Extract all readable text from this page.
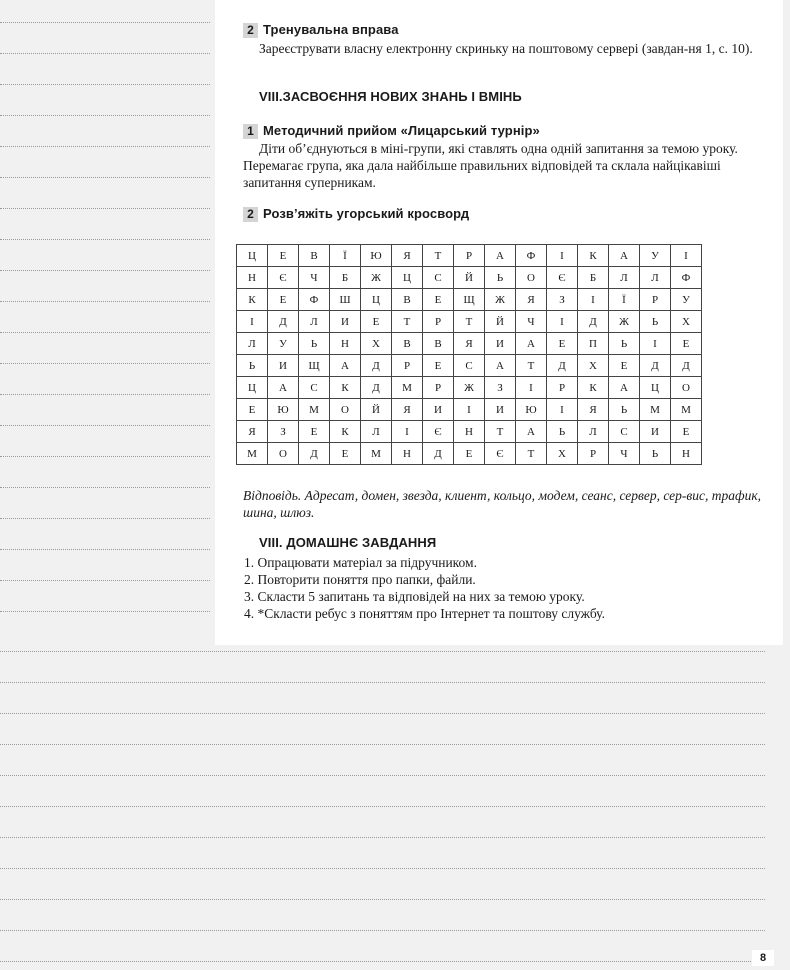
2 Тренувальна вправа
Зареєструвати власну електронну скриньку на поштовому сервері (завдан-ня 1, с. 10).
VIII.ЗАСВОЄННЯ НОВИХ ЗНАНЬ І ВМІНЬ
1 Методичний прийом «Лицарський турнір»
Діти об’єднуються в міні-групи, які ставлять одна одній запитання за темою уроку. Перемагає група, яка дала найбільше правильних відповідей та склала найцікавіші запитання суперникам.
2 Розв’яжіть угорський кросворд
Ц	Е	В	Ї	Ю	Я	Т	Р	А	Ф	І	К	А	У	І
Н	Є	Ч	Б	Ж	Ц	С	Й	Ь	О	Є	Б	Л	Л	Ф
К	Е	Ф	Ш	Ц	В	Е	Щ	Ж	Я	З	І	Ї	Р	У
І	Д	Л	И	Е	Т	Р	Т	Й	Ч	І	Д	Ж	Ь	Х
Л	У	Ь	Н	Х	В	В	Я	И	А	Е	П	Ь	І	Е
Ь	И	Щ	А	Д	Р	Е	С	А	Т	Д	Х	Е	Д	Д
Ц	А	С	К	Д	М	Р	Ж	З	І	Р	К	А	Ц	О
Е	Ю	М	О	Й	Я	И	І	И	Ю	І	Я	Ь	М	М
Я	З	Е	К	Л	І	Є	Н	Т	А	Ь	Л	С	И	Е
М	О	Д	Е	М	Н	Д	Е	Є	Т	Х	Р	Ч	Ь	Н
Відповідь. Адресат, домен, звезда, клиент, кольцо, модем, сеанс, сервер, сер-вис, трафик, шина, шлюз.
VIII. ДОМАШНЄ ЗАВДАННЯ
1. Опрацювати матеріал за підручником.
2. Повторити поняття про папки, файли.
3. Скласти 5 запитань та відповідей на них за темою уроку.
4. *Скласти ребус з поняттям про Інтернет та поштову службу.
8
